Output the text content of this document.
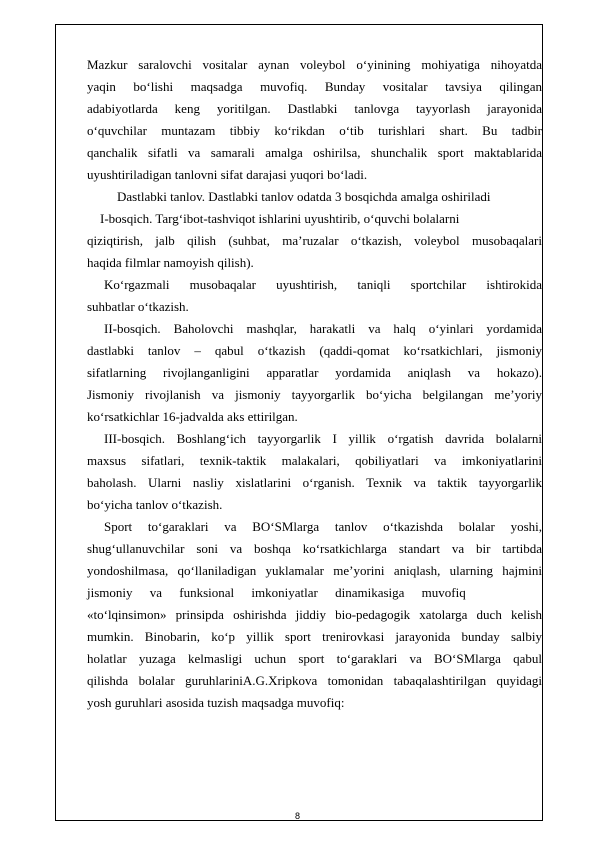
Mazkur saralovchi vositalar aynan voleybol o‘yinining mohiyatiga nihoyatda
yaqin bo‘lishi maqsadga muvofiq. Bunday vositalar tavsiya qilingan
adabiyotlarda keng yoritilgan. Dastlabki tanlovga tayyorlash jarayonida
o‘quvchilar muntazam tibbiy ko‘rikdan o‘tib turishlari shart. Bu tadbir
qanchalik sifatli va samarali amalga oshirilsa, shunchalik sport maktablarida
uyushtiriladigan tanlovni sifat darajasi yuqori bo‘ladi.
Dastlabki tanlov. Dastlabki tanlov odatda 3 bosqichda amalga oshiriladi
I-bosqich. Targ‘ibot-tashviqot ishlarini uyushtirib, o‘quvchi bolalarni
qiziqtirish, jalb qilish (suhbat, ma’ruzalar o‘tkazish, voleybol musobaqalari
haqida filmlar namoyish qilish).
Ko‘rgazmali musobaqalar uyushtirish, taniqli sportchilar ishtirokida
suhbatlar o‘tkazish.
II-bosqich. Baholovchi mashqlar, harakatli va halq o‘yinlari yordamida
dastlabki tanlov – qabul o‘tkazish (qaddi-qomat ko‘rsatkichlari, jismoniy
sifatlarning rivojlanganligini apparatlar yordamida aniqlash va hokazo).
Jismoniy rivojlanish va jismoniy tayyorgarlik bo‘yicha belgilangan me’yoriy
ko‘rsatkichlar 16-jadvalda aks ettirilgan.
III-bosqich. Boshlang‘ich tayyorgarlik I yillik o‘rgatish davrida bolalarni
maxsus sifatlari, texnik-taktik malakalari, qobiliyatlari va imkoniyatlarini
baholash. Ularni nasliy xislatlarini o‘rganish. Texnik va taktik tayyorgarlik
bo‘yicha tanlov o‘tkazish.
Sport to‘garaklari va BO‘SMlarga tanlov o‘tkazishda bolalar yoshi,
shug‘ullanuvchilar soni va boshqa ko‘rsatkichlarga standart va bir tartibda
yondoshilmasa, qo‘llaniladigan yuklamalar me’yorini aniqlash, ularning hajmini
jismoniy va funksional imkoniyatlar dinamikasiga muvofiq
«to‘lqinsimon» prinsipda oshirishda jiddiy bio-pedagogik xatolarga duch kelish
mumkin. Binobarin, ko‘p yillik sport trenirovkasi jarayonida bunday salbiy
holatlar yuzaga kelmasligi uchun sport to‘garaklari va BO‘SMlarga qabul
qilishda bolalar guruhlariniA.G.Xripkova tomonidan tabaqalashtirilgan quyidagi
yosh guruhlari asosida tuzish maqsadga muvofiq:
8
